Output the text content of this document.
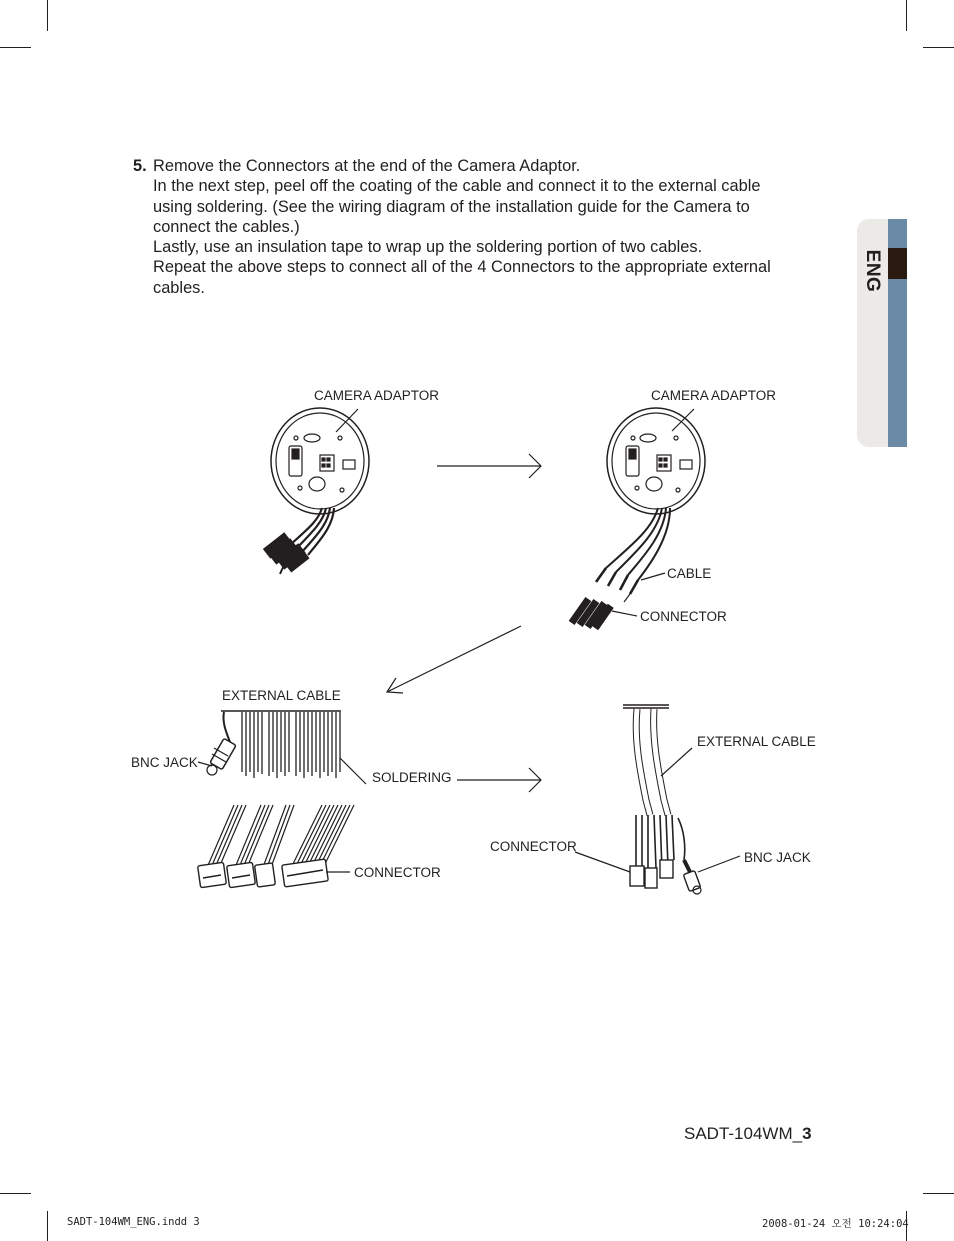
ENG
5. Remove the Connectors at the end of the Camera Adaptor.
In the next step, peel off the coating of the cable and connect it to the external cable
using soldering. (See the wiring diagram of the installation guide for the Camera to
connect the cables.)
Lastly, use an insulation tape to wrap up the soldering portion of two cables.
Repeat the above steps to connect all of the 4 Connectors to the appropriate external
cables.
CAMERA ADAPTOR	CAMERA ADAPTOR
CABLE
CONNECTOR
EXTERNAL CABLE
BNC JACK
SOLDERING
CONNECTOR
EXTERNAL CABLE
CONNECTOR
BNC JACK
SADT-104WM_3
SADT-104WM_ENG.indd 3	2008-01-24 오전 10:24:04
